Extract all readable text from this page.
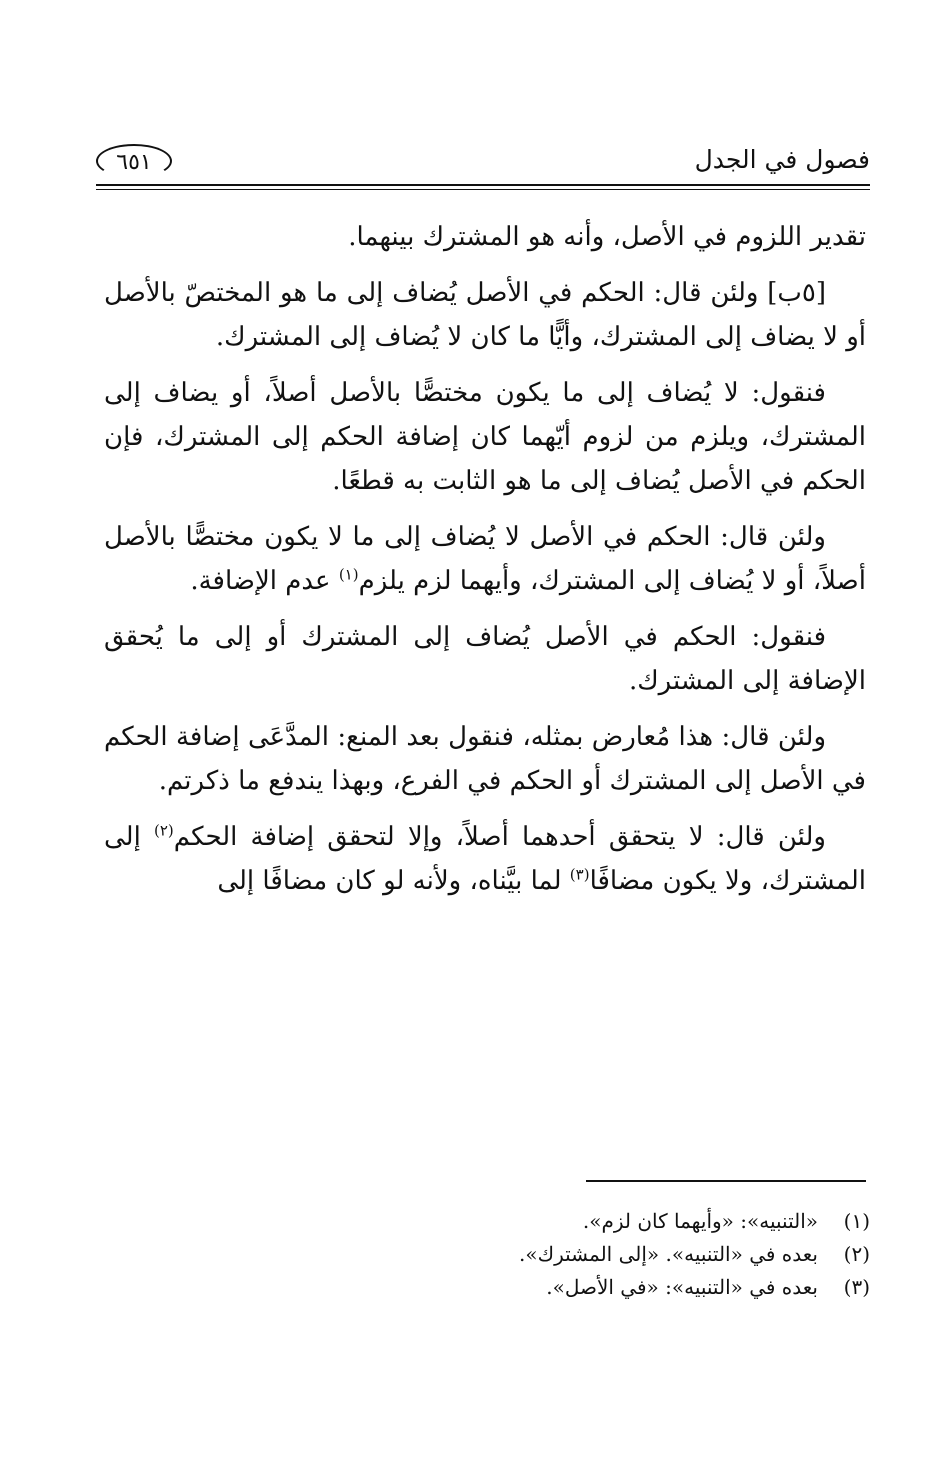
فصول في الجدل
٦٥١

تقدير اللزوم في الأصل، وأنه هو المشترك بينهما.

[٥ب] ولئن قال: الحكم في الأصل يُضاف إلى ما هو المختصّ بالأصل أو لا يضاف إلى المشترك، وأيًّا ما كان لا يُضاف إلى المشترك.

فنقول: لا يُضاف إلى ما يكون مختصًّا بالأصل أصلاً، أو يضاف إلى المشترك، ويلزم من لزوم أيّهما كان إضافة الحكم إلى المشترك، فإن الحكم في الأصل يُضاف إلى ما هو الثابت به قطعًا.

ولئن قال: الحكم في الأصل لا يُضاف إلى ما لا يكون مختصًّا بالأصل أصلاً، أو لا يُضاف إلى المشترك، وأيهما لزم يلزم$^{(١)}$ عدم الإضافة.

فنقول: الحكم في الأصل يُضاف إلى المشترك أو إلى ما يُحقق الإضافة إلى المشترك.

ولئن قال: هذا مُعارض بمثله، فنقول بعد المنع: المدَّعَى إضافة الحكم في الأصل إلى المشترك أو الحكم في الفرع، وبهذا يندفع ما ذكرتم.

ولئن قال: لا يتحقق أحدهما أصلاً، وإلا لتحقق إضافة الحكم$^{(٢)}$ إلى المشترك، ولا يكون مضافًا$^{(٣)}$ لما بيَّناه، ولأنه لو كان مضافًا إلى

(١)«التنبيه»: «وأيهما كان لزم».
(٢)بعده في «التنبيه». «إلى المشترك».
(٣)بعده في «التنبيه»: «في الأصل».
